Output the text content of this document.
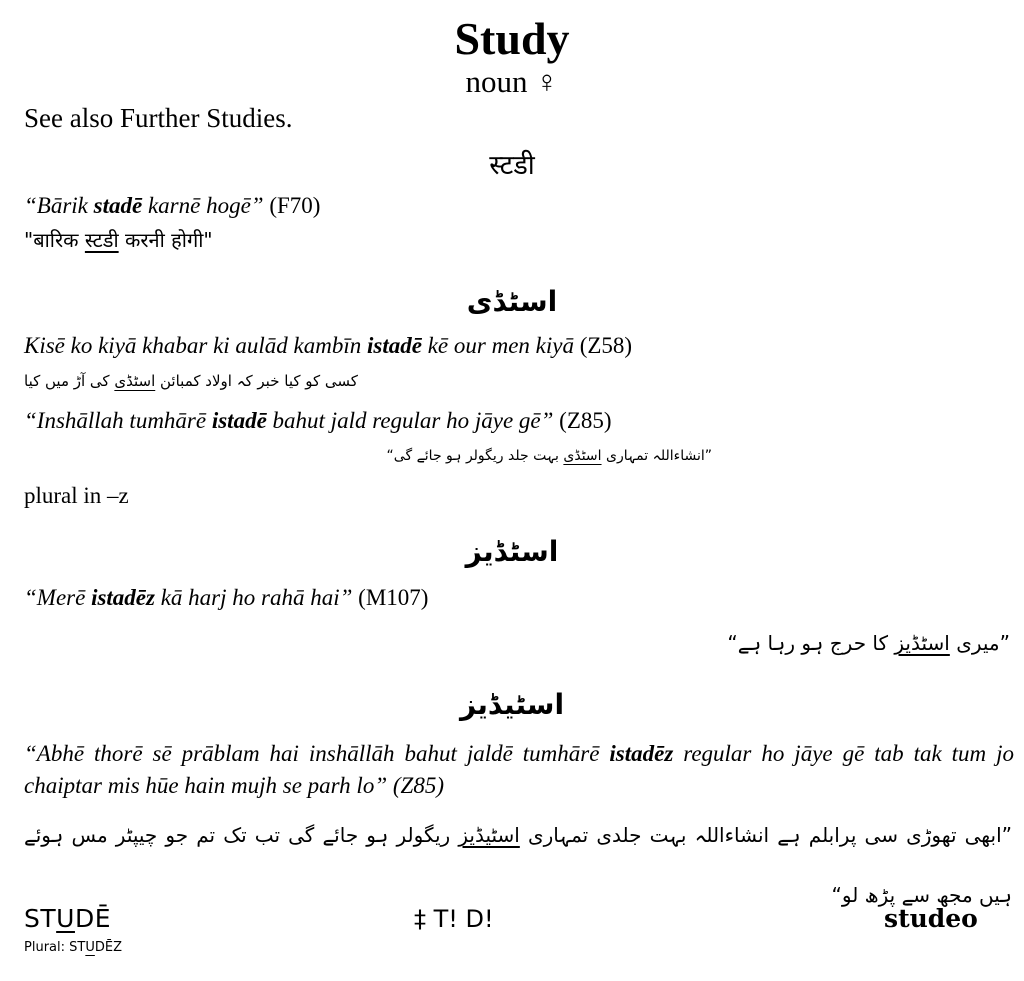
Study
noun ♀
See also Further Studies.
स्टडी
“Bārik stadē karnē hogē” (F70)
"बारिक स्टडी करनी होगी"
اسٹڈی
Kisē ko kiyā khabar ki aulād kambīn istadē kē our men kiyā (Z58)
کسی کو کیا خبر کہ اولاد کمبائن اسٹڈی کی آڑ میں کیا
“Inshāllah tumhārē istadē bahut jald regular ho jāye gē” (Z85)
”انشاءاللہ تمہاری اسٹڈی بہت جلد ریگولر ہو جائے گی“
plural in –z
اسٹڈیز
“Merē istadēz kā harj ho rahā hai” (M107)
”میری اسٹڈیز کا حرج ہو رہا ہے“
اسٹیڈیز
“Abhē thorē sē prāblam hai inshāllāh bahut jaldē tumhārē istadēz regular ho jāye gē tab tak tum jo chaiptar mis hūe hain mujh se parh lo” (Z85)
”ابھی تھوڑی سی پرابلم ہے انشاءاللہ بہت جلدی تمہاری اسٹیڈیز ریگولر ہو جائے گی تب تک تم جو چیپٹر مس ہوئے ہیں مجھ سے پڑھ لو“
STUDĒ
Plural: STUDĒZ
‡ T! D!	studeo
